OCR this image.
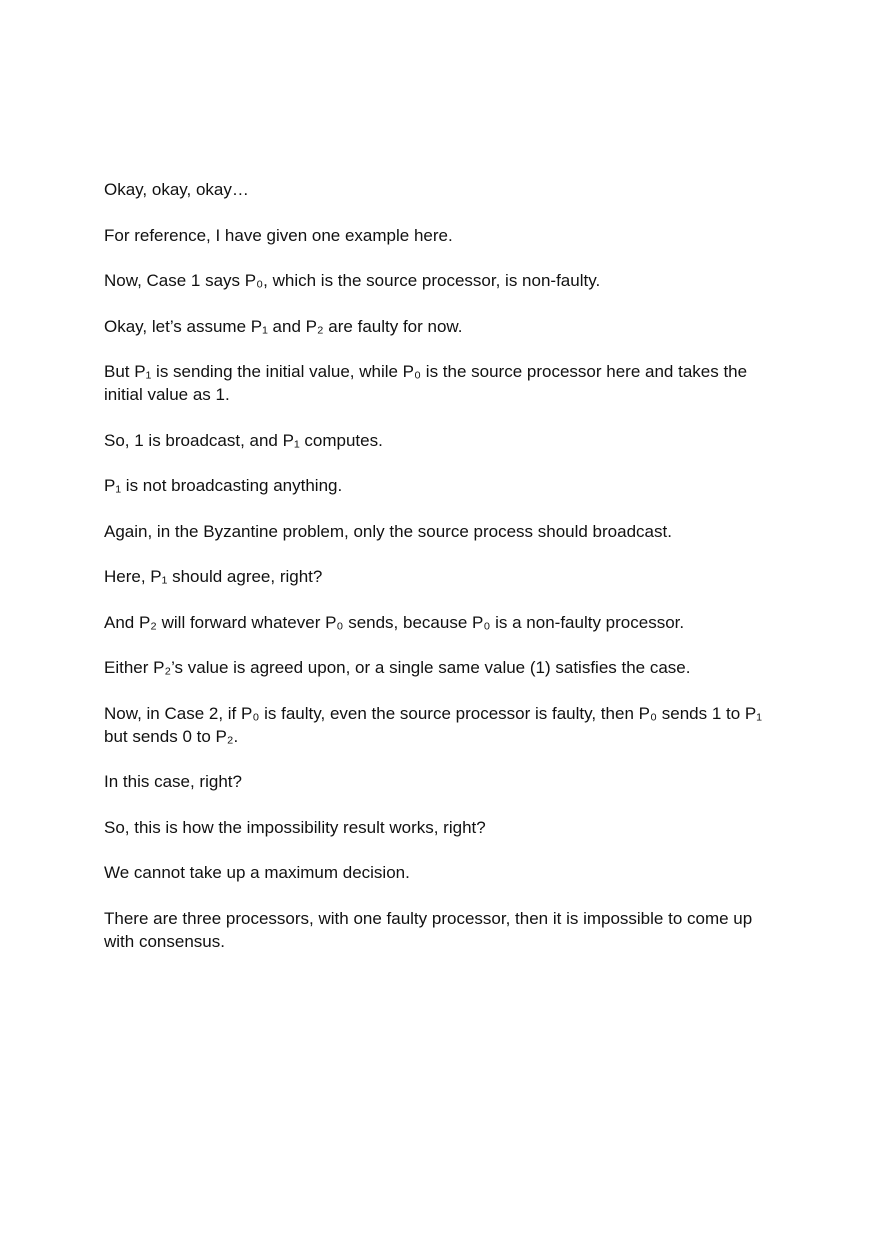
Okay, okay, okay…

For reference, I have given one example here.

Now, Case 1 says P₀, which is the source processor, is non-faulty.

Okay, let’s assume P₁ and P₂ are faulty for now.

But P₁ is sending the initial value, while P₀ is the source processor here and takes the initial value as 1.

So, 1 is broadcast, and P₁ computes.

P₁ is not broadcasting anything.

Again, in the Byzantine problem, only the source process should broadcast.

Here, P₁ should agree, right?

And P₂ will forward whatever P₀ sends, because P₀ is a non-faulty processor.

Either P₂’s value is agreed upon, or a single same value (1) satisfies the case.

Now, in Case 2, if P₀ is faulty, even the source processor is faulty, then P₀ sends 1 to P₁ but sends 0 to P₂.

In this case, right?

So, this is how the impossibility result works, right?

We cannot take up a maximum decision.

There are three processors, with one faulty processor, then it is impossible to come up with consensus.
